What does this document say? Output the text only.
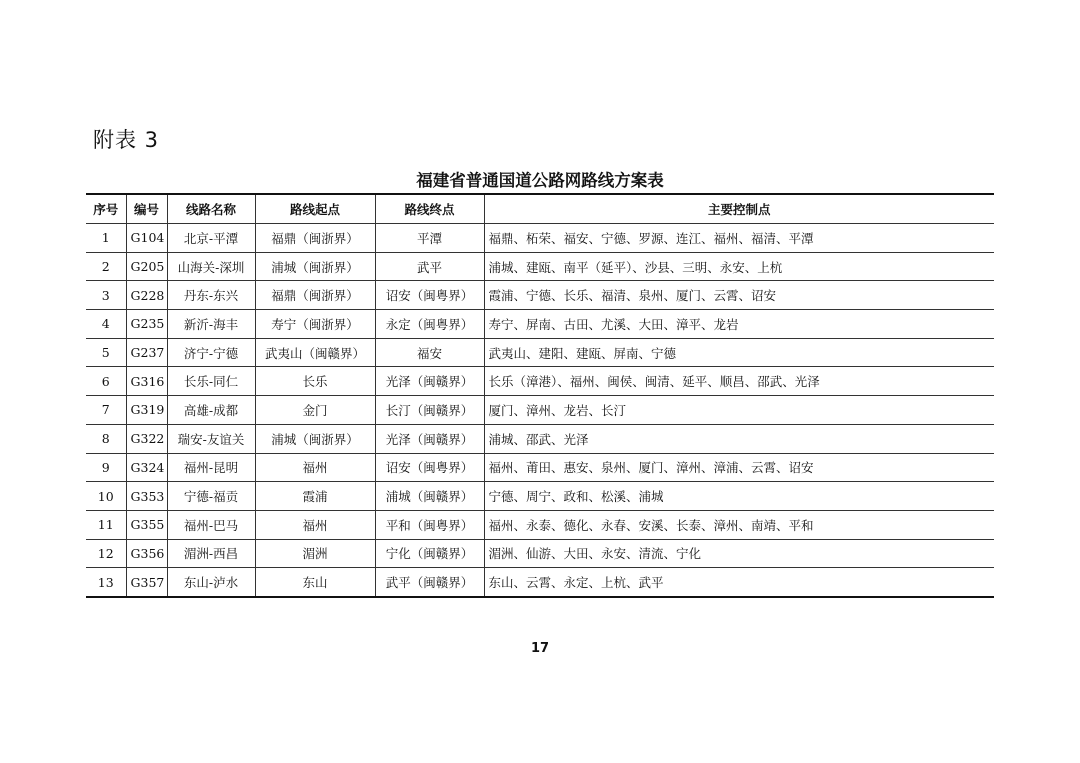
附表 3
福建省普通国道公路网路线方案表
序号	编号	线路名称	路线起点	路线终点	主要控制点
1	G104	北京-平潭	福鼎（闽浙界）	平潭	福鼎、柘荣、福安、宁德、罗源、连江、福州、福清、平潭
2	G205	山海关-深圳	浦城（闽浙界）	武平	浦城、建瓯、南平（延平）、沙县、三明、永安、上杭
3	G228	丹东-东兴	福鼎（闽浙界）	诏安（闽粤界）	霞浦、宁德、长乐、福清、泉州、厦门、云霄、诏安
4	G235	新沂-海丰	寿宁（闽浙界）	永定（闽粤界）	寿宁、屏南、古田、尤溪、大田、漳平、龙岩
5	G237	济宁-宁德	武夷山（闽赣界）	福安	武夷山、建阳、建瓯、屏南、宁德
6	G316	长乐-同仁	长乐	光泽（闽赣界）	长乐（漳港）、福州、闽侯、闽清、延平、顺昌、邵武、光泽
7	G319	高雄-成都	金门	长汀（闽赣界）	厦门、漳州、龙岩、长汀
8	G322	瑞安-友谊关	浦城（闽浙界）	光泽（闽赣界）	浦城、邵武、光泽
9	G324	福州-昆明	福州	诏安（闽粤界）	福州、莆田、惠安、泉州、厦门、漳州、漳浦、云霄、诏安
10	G353	宁德-福贡	霞浦	浦城（闽赣界）	宁德、周宁、政和、松溪、浦城
11	G355	福州-巴马	福州	平和（闽粤界）	福州、永泰、德化、永春、安溪、长泰、漳州、南靖、平和
12	G356	湄洲-西昌	湄洲	宁化（闽赣界）	湄洲、仙游、大田、永安、清流、宁化
13	G357	东山-泸水	东山	武平（闽赣界）	东山、云霄、永定、上杭、武平
17
